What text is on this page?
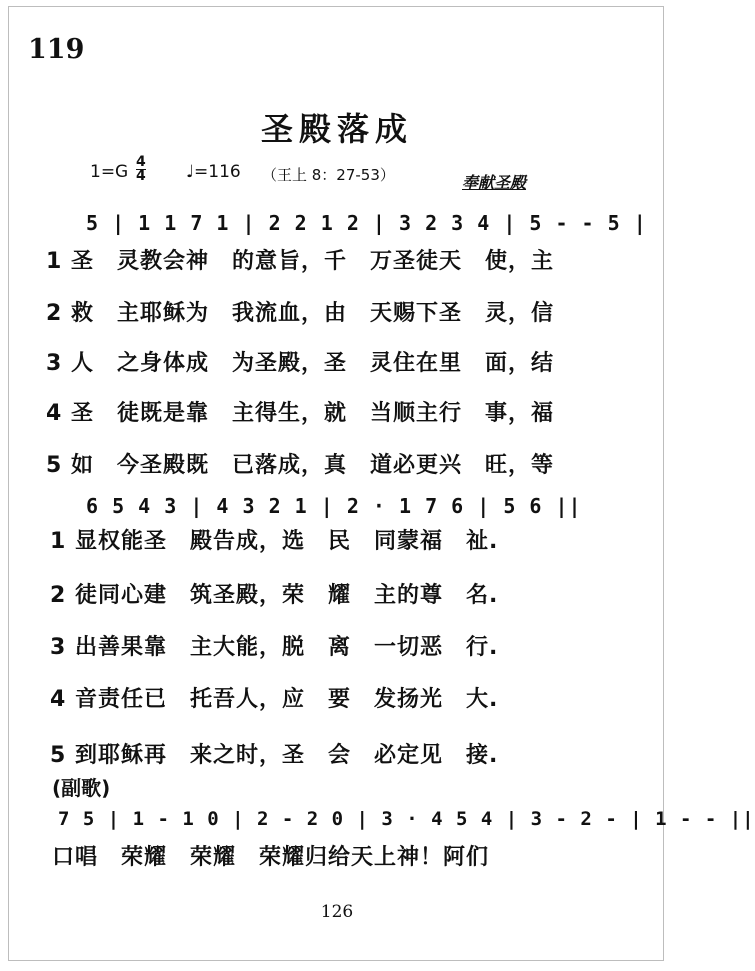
119
圣殿落成
$1=G \frac{4}{4}$ ♩=116 （王上 8：27-53）	奉献圣殿
5 | 1 1 7 1 | 2 2 1 2 | 3 2 3 4 | 5 - - 5 |
1 圣　灵教会神　的意旨，千　万圣徒天　使，主
2 救　主耶稣为　我流血，由　天赐下圣　灵，信
3 人　之身体成　为圣殿，圣　灵住在里　面，结
4 圣　徒既是靠　主得生，就　当顺主行　事，福
5 如　今圣殿既　已落成，真　道必更兴　旺，等
6 5 4 3 | 4 3 2 1 | 2 · 1 7 6 | 5 6 ||
1 显权能圣　殿告成，选　民　同蒙福　祉.
2 徒同心建　筑圣殿，荣　耀　主的尊　名.
3 出善果靠　主大能，脱　离　一切恶　行.
4 音责任已　托吾人，应　要　发扬光　大.
5 到耶稣再　来之时，圣　会　必定见　接.
(副歌)
7 5 | 1 - 1 0 | 2 - 2 0 | 3 · 4 5 4 | 3 - 2 - | 1 - - ||
口唱　荣耀　荣耀　荣耀归给天上神！阿们
126
